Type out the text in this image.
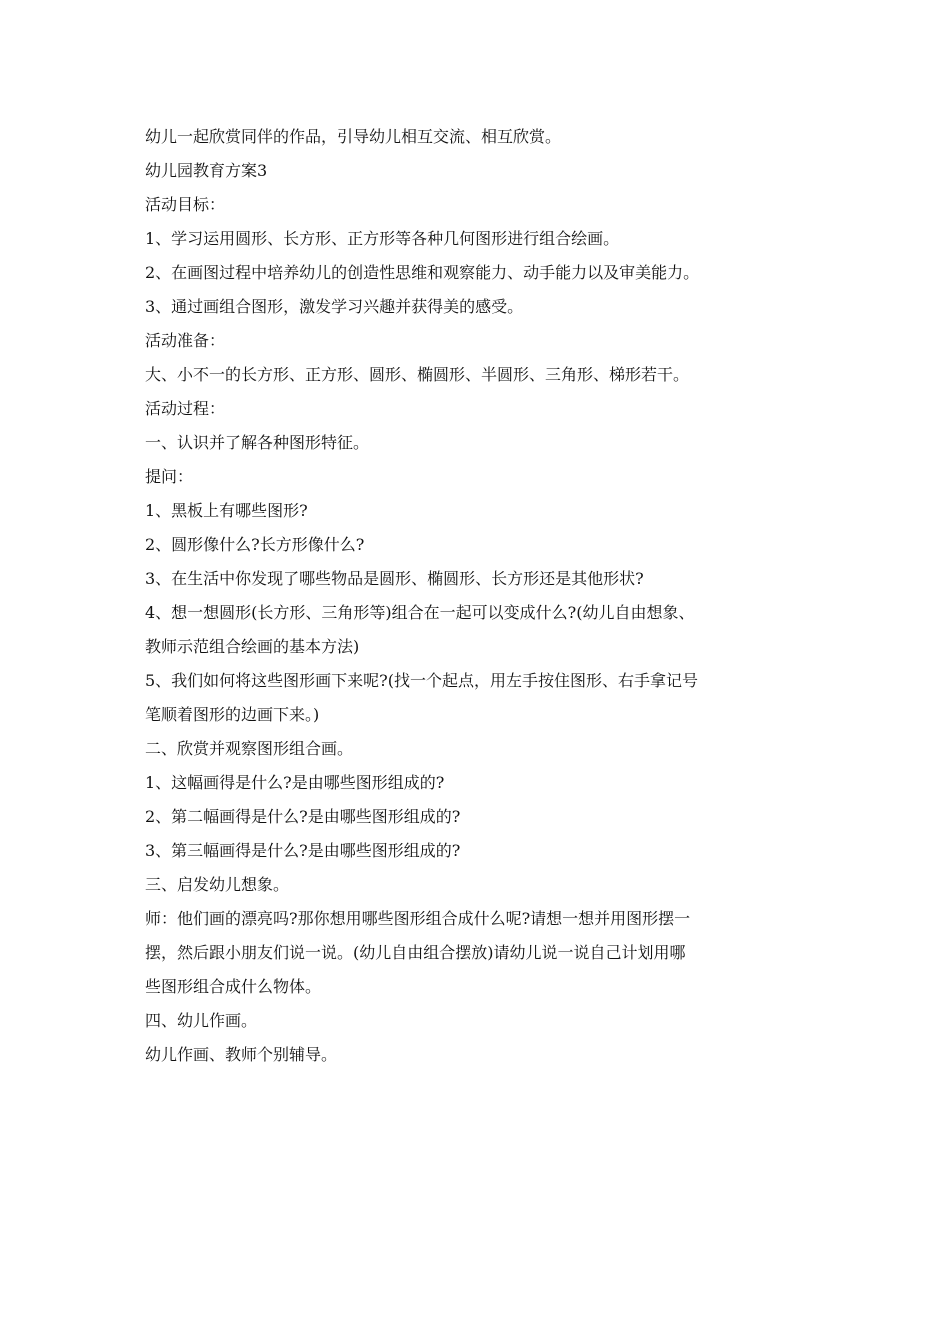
幼儿一起欣赏同伴的作品，引导幼儿相互交流、相互欣赏。

幼儿园教育方案3

活动目标：

1、学习运用圆形、长方形、正方形等各种几何图形进行组合绘画。

2、在画图过程中培养幼儿的创造性思维和观察能力、动手能力以及审美能力。

3、通过画组合图形，激发学习兴趣并获得美的感受。

活动准备：

大、小不一的长方形、正方形、圆形、椭圆形、半圆形、三角形、梯形若干。

活动过程：

一、认识并了解各种图形特征。

提问：

1、黑板上有哪些图形?

2、圆形像什么?长方形像什么?

3、在生活中你发现了哪些物品是圆形、椭圆形、长方形还是其他形状?

4、想一想圆形(长方形、三角形等)组合在一起可以变成什么?(幼儿自由想象、

教师示范组合绘画的基本方法)

5、我们如何将这些图形画下来呢?(找一个起点，用左手按住图形、右手拿记号

笔顺着图形的边画下来。)

二、欣赏并观察图形组合画。

1、这幅画得是什么?是由哪些图形组成的?

2、第二幅画得是什么?是由哪些图形组成的?

3、第三幅画得是什么?是由哪些图形组成的?

三、启发幼儿想象。

师：他们画的漂亮吗?那你想用哪些图形组合成什么呢?请想一想并用图形摆一

摆，然后跟小朋友们说一说。(幼儿自由组合摆放)请幼儿说一说自己计划用哪

些图形组合成什么物体。

四、幼儿作画。

幼儿作画、教师个别辅导。
